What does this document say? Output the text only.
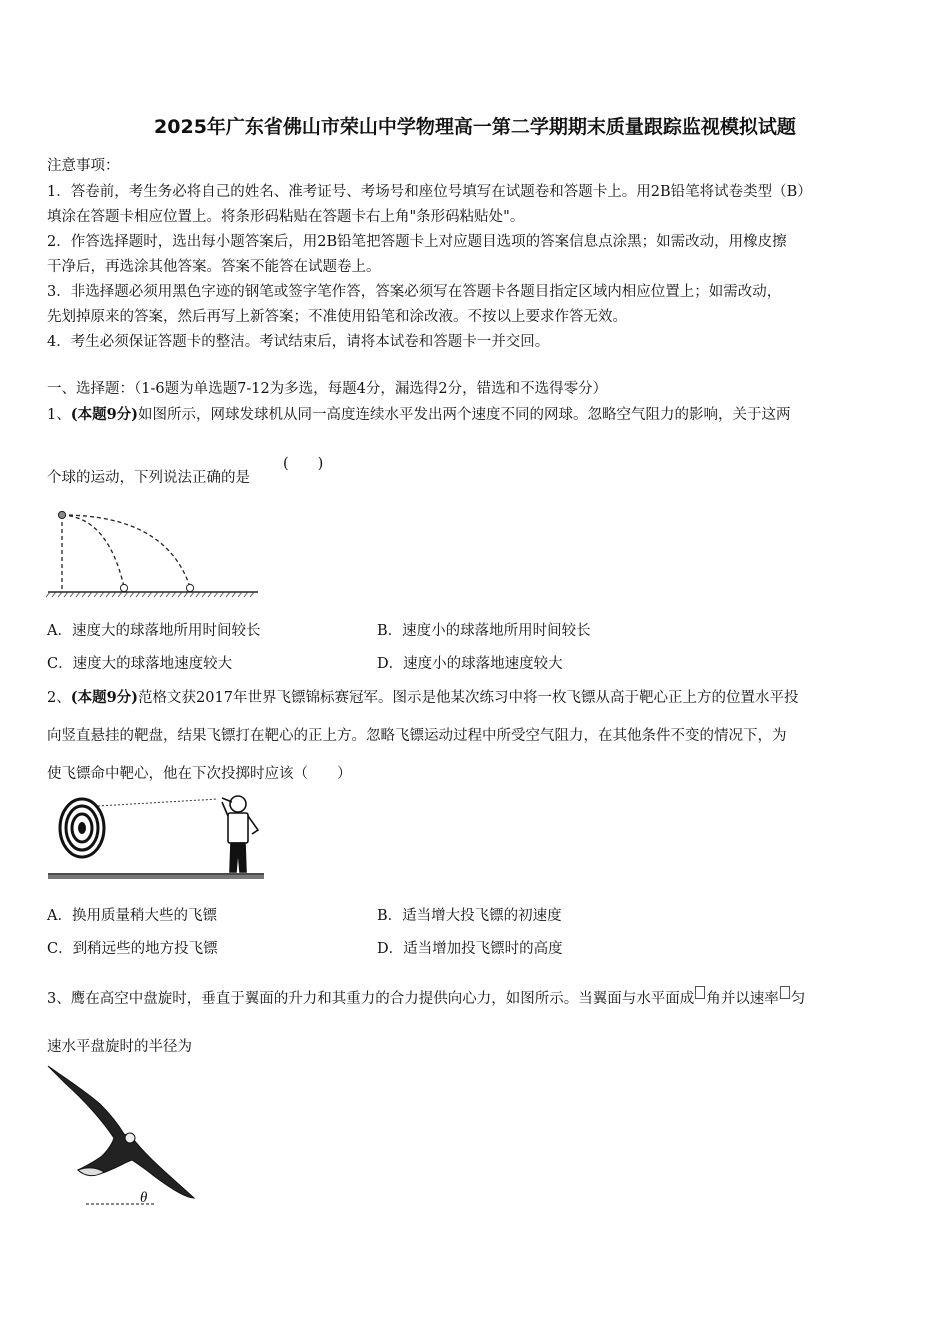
2025年广东省佛山市荣山中学物理高一第二学期期末质量跟踪监视模拟试题
注意事项：
1．答卷前，考生务必将自己的姓名、准考证号、考场号和座位号填写在试题卷和答题卡上。用2B铅笔将试卷类型（B）
填涂在答题卡相应位置上。将条形码粘贴在答题卡右上角"条形码粘贴处"。
2．作答选择题时，选出每小题答案后，用2B铅笔把答题卡上对应题目选项的答案信息点涂黑；如需改动，用橡皮擦
干净后，再选涂其他答案。答案不能答在试题卷上。
3．非选择题必须用黑色字迹的钢笔或签字笔作答，答案必须写在答题卡各题目指定区域内相应位置上；如需改动，
先划掉原来的答案，然后再写上新答案；不准使用铅笔和涂改液。不按以上要求作答无效。
4．考生必须保证答题卡的整洁。考试结束后，请将本试卷和答题卡一并交回。
一、选择题：（1-6题为单选题7-12为多选，每题4分，漏选得2分，错选和不选得零分）
1、(本题9分)如图所示，网球发球机从同一高度连续水平发出两个速度不同的网球。忽略空气阻力的影响，关于这两
个球的运动，下列说法正确的是
(　　)
A．速度大的球落地所用时间较长	B．速度小的球落地所用时间较长
C．速度大的球落地速度较大	D．速度小的球落地速度较大
2、(本题9分)范格文获2017年世界飞镖锦标赛冠军。图示是他某次练习中将一枚飞镖从高于靶心正上方的位置水平投
向竖直悬挂的靶盘，结果飞镖打在靶心的正上方。忽略飞镖运动过程中所受空气阻力，在其他条件不变的情况下，为
使飞镖命中靶心，他在下次投掷时应该（　　）
A．换用质量稍大些的飞镖	B．适当增大投飞镖的初速度
C．到稍远些的地方投飞镖	D．适当增加投飞镖时的高度
3、鹰在高空中盘旋时，垂直于翼面的升力和其重力的合力提供向心力，如图所示。当翼面与水平面成 角并以速率 匀
速水平盘旋时的半径为
θ
